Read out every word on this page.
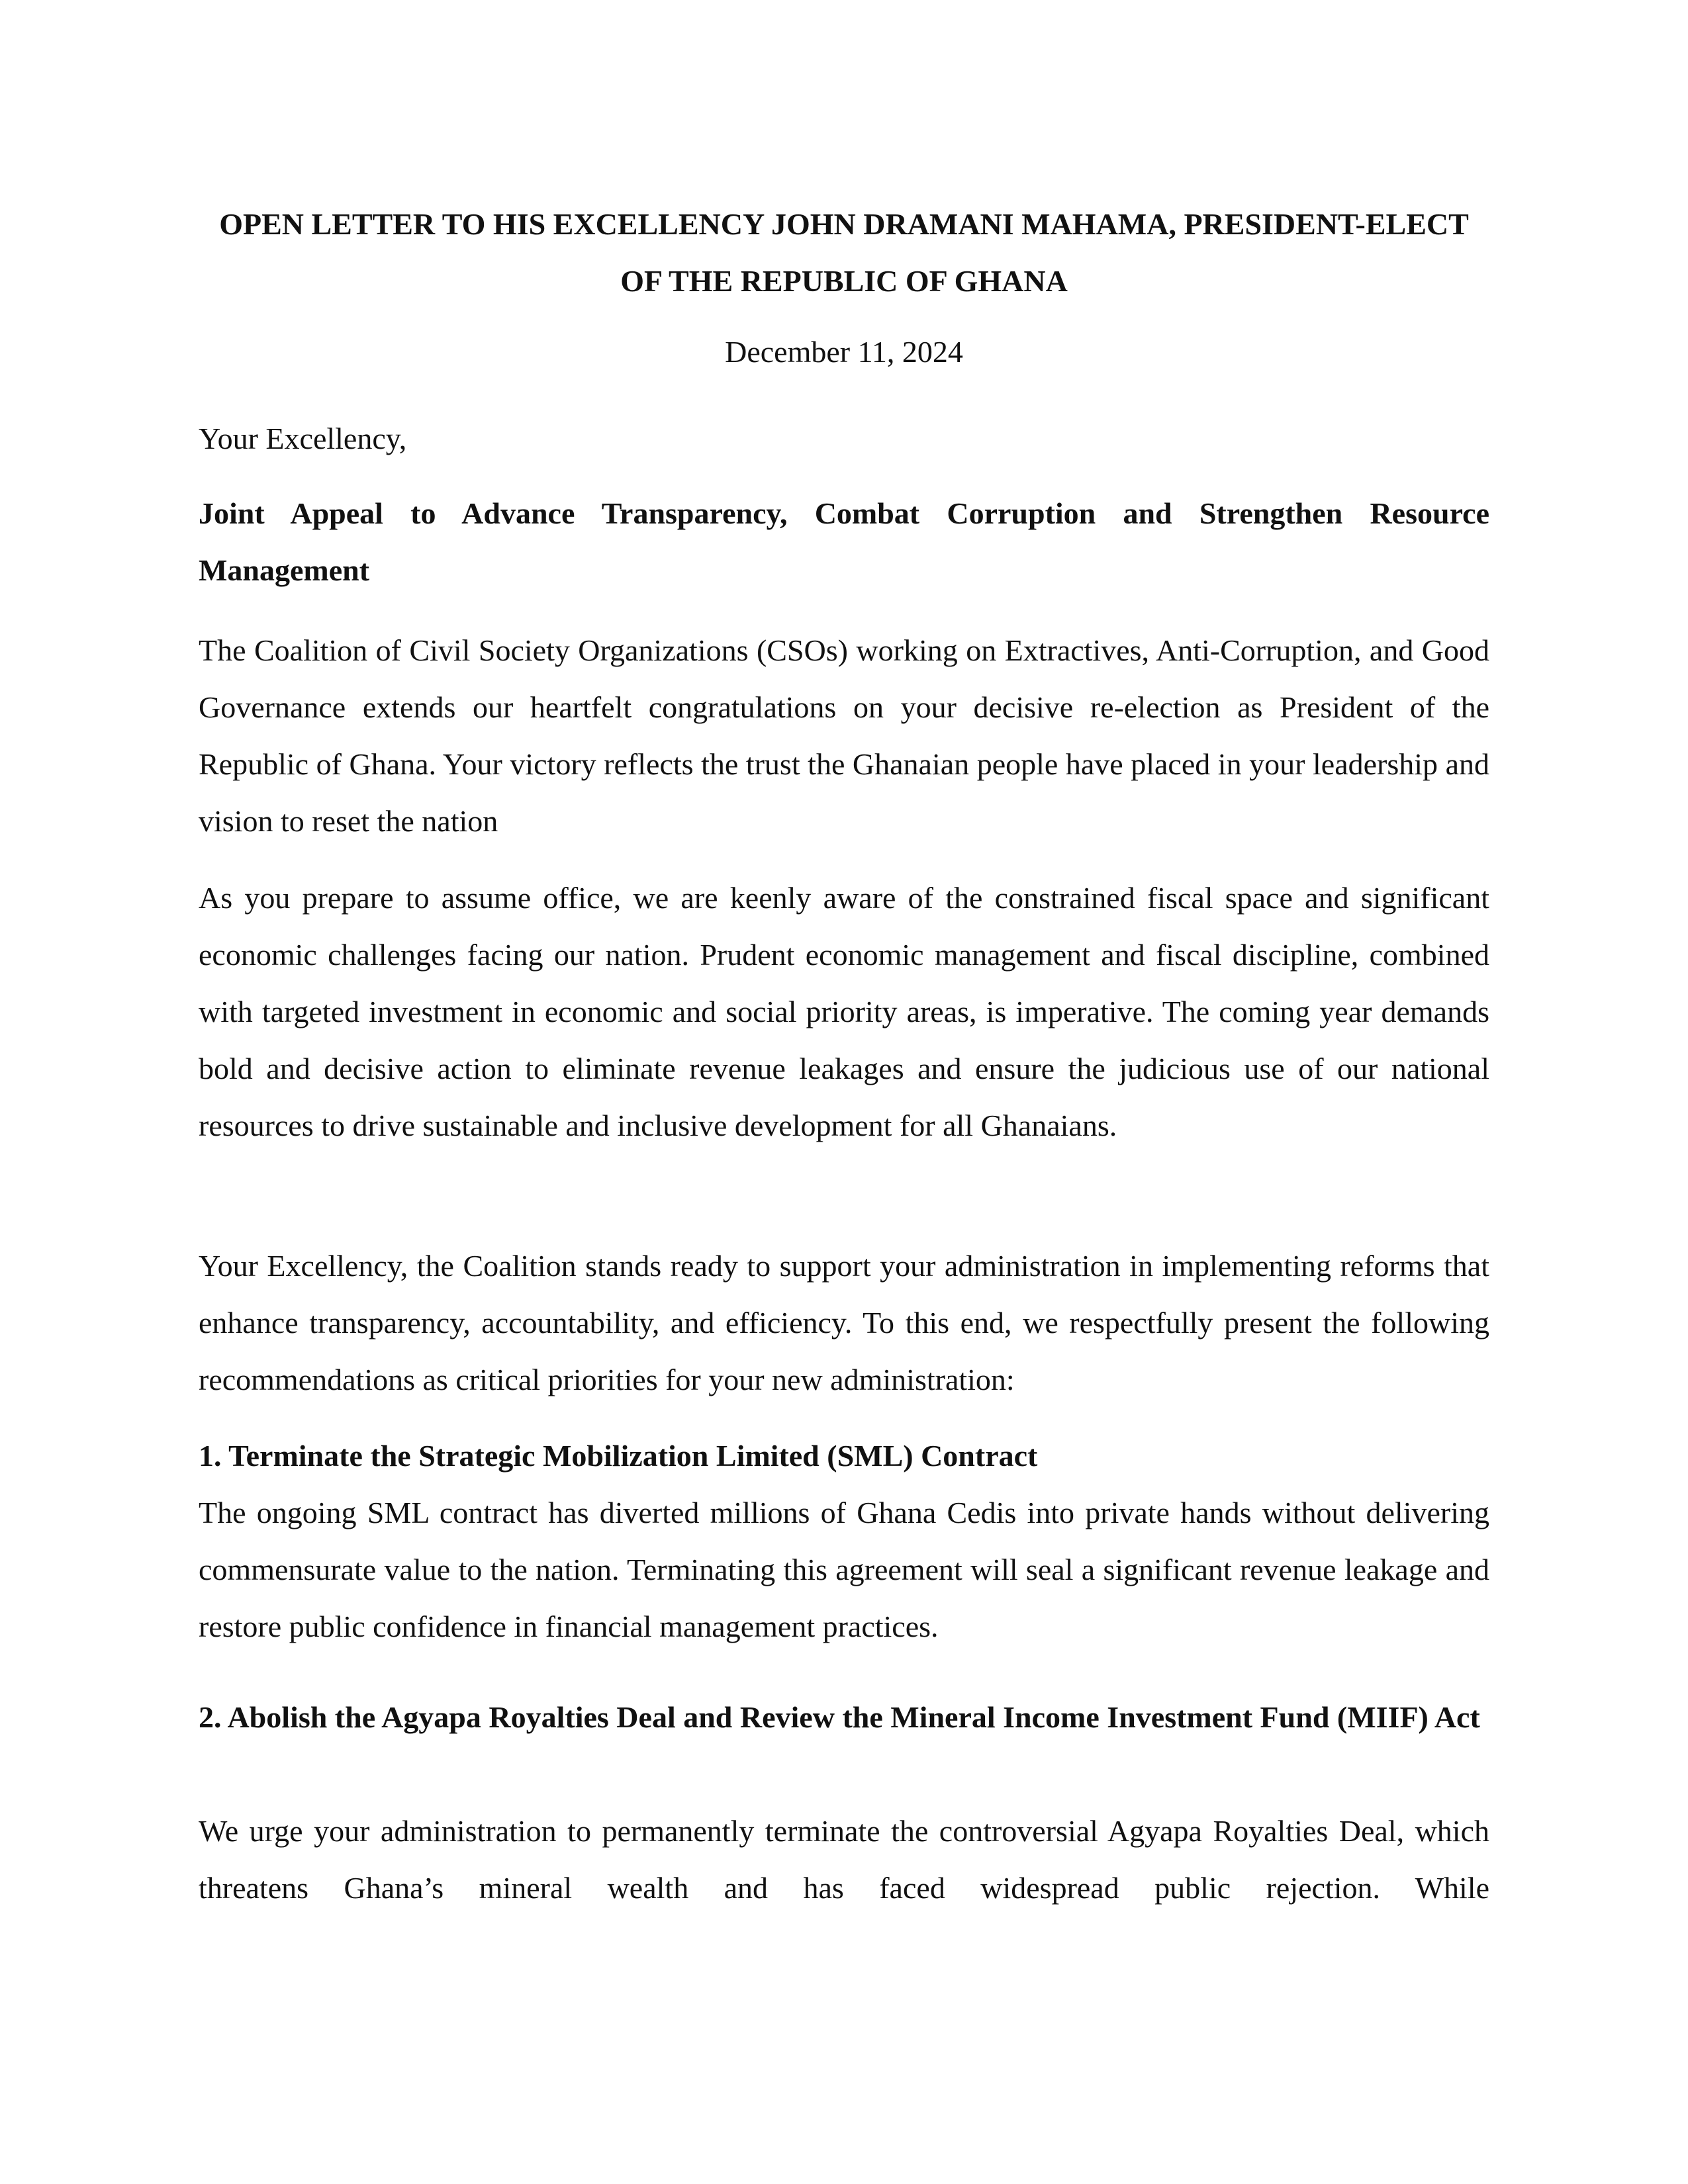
OPEN LETTER TO HIS EXCELLENCY JOHN DRAMANI MAHAMA, PRESIDENT-ELECT OF THE REPUBLIC OF GHANA
December 11, 2024
Your Excellency,
Joint Appeal to Advance Transparency, Combat Corruption and Strengthen Resource Management
The Coalition of Civil Society Organizations (CSOs) working on Extractives, Anti-Corruption, and Good Governance extends our heartfelt congratulations on your decisive re-election as President of the Republic of Ghana. Your victory reflects the trust the Ghanaian people have placed in your leadership and vision to reset the nation
As you prepare to assume office, we are keenly aware of the constrained fiscal space and significant economic challenges facing our nation. Prudent economic management and fiscal discipline, combined with targeted investment in economic and social priority areas, is imperative. The coming year demands bold and decisive action to eliminate revenue leakages and ensure the judicious use of our national resources to drive sustainable and inclusive development for all Ghanaians.
Your Excellency, the Coalition stands ready to support your administration in implementing reforms that enhance transparency, accountability, and efficiency. To this end, we respectfully present the following recommendations as critical priorities for your new administration:
1. Terminate the Strategic Mobilization Limited (SML) Contract
The ongoing SML contract has diverted millions of Ghana Cedis into private hands without delivering commensurate value to the nation. Terminating this agreement will seal a significant revenue leakage and restore public confidence in financial management practices.
2. Abolish the Agyapa Royalties Deal and Review the Mineral Income Investment Fund (MIIF) Act
We urge your administration to permanently terminate the controversial Agyapa Royalties Deal, which threatens Ghana’s mineral wealth and has faced widespread public rejection. While
